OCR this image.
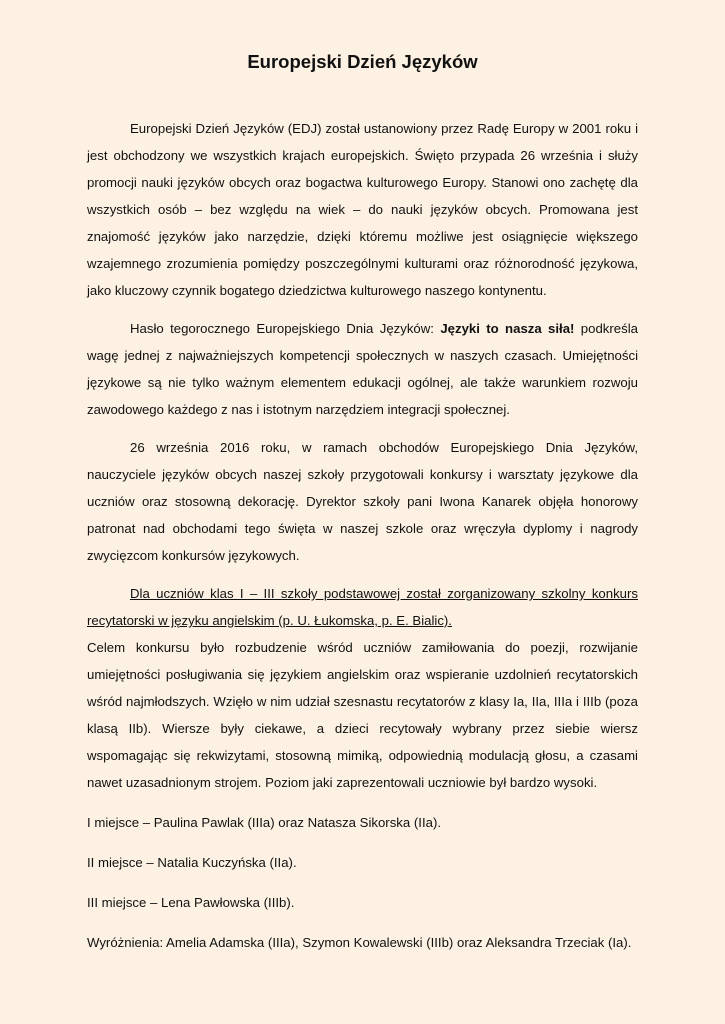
Europejski Dzień Języków

Europejski Dzień Języków (EDJ) został ustanowiony przez Radę Europy w 2001 roku i jest obchodzony we wszystkich krajach europejskich. Święto przypada 26 września i służy promocji nauki języków obcych oraz bogactwa kulturowego Europy. Stanowi ono zachętę dla wszystkich osób – bez względu na wiek – do nauki języków obcych. Promowana jest znajomość języków jako narzędzie, dzięki któremu możliwe jest osiągnięcie większego wzajemnego zrozumienia pomiędzy poszczególnymi kulturami oraz różnorodność językowa, jako kluczowy czynnik bogatego dziedzictwa kulturowego naszego kontynentu.

Hasło tegorocznego Europejskiego Dnia Języków: Języki to nasza siła! podkreśla wagę jednej z najważniejszych kompetencji społecznych w naszych czasach. Umiejętności językowe są nie tylko ważnym elementem edukacji ogólnej, ale także warunkiem rozwoju zawodowego każdego z nas i istotnym narzędziem integracji społecznej.

26 września 2016 roku, w ramach obchodów Europejskiego Dnia Języków, nauczyciele języków obcych naszej szkoły przygotowali konkursy i warsztaty językowe dla uczniów oraz stosowną dekorację. Dyrektor szkoły pani Iwona Kanarek objęła honorowy patronat nad obchodami tego święta w naszej szkole oraz wręczyła dyplomy i nagrody zwycięzcom konkursów językowych.

Dla uczniów klas I – III szkoły podstawowej został zorganizowany szkolny konkurs recytatorski w języku angielskim (p. U. Łukomska, p. E. Bialic).

Celem konkursu było rozbudzenie wśród uczniów zamiłowania do poezji, rozwijanie umiejętności posługiwania się językiem angielskim oraz wspieranie uzdolnień recytatorskich wśród najmłodszych. Wzięło w nim udział szesnastu recytatorów z klasy Ia, IIa, IIIa i IIIb (poza klasą IIb). Wiersze były ciekawe, a dzieci recytowały wybrany przez siebie wiersz wspomagając się rekwizytami, stosowną mimiką, odpowiednią modulacją głosu, a czasami nawet uzasadnionym strojem. Poziom jaki zaprezentowali uczniowie był bardzo wysoki.

I miejsce – Paulina Pawlak (IIIa) oraz Natasza Sikorska (IIa).

II miejsce – Natalia Kuczyńska (IIa).

III miejsce – Lena Pawłowska (IIIb).

Wyróżnienia: Amelia Adamska (IIIa), Szymon Kowalewski (IIIb) oraz Aleksandra Trzeciak (Ia).
